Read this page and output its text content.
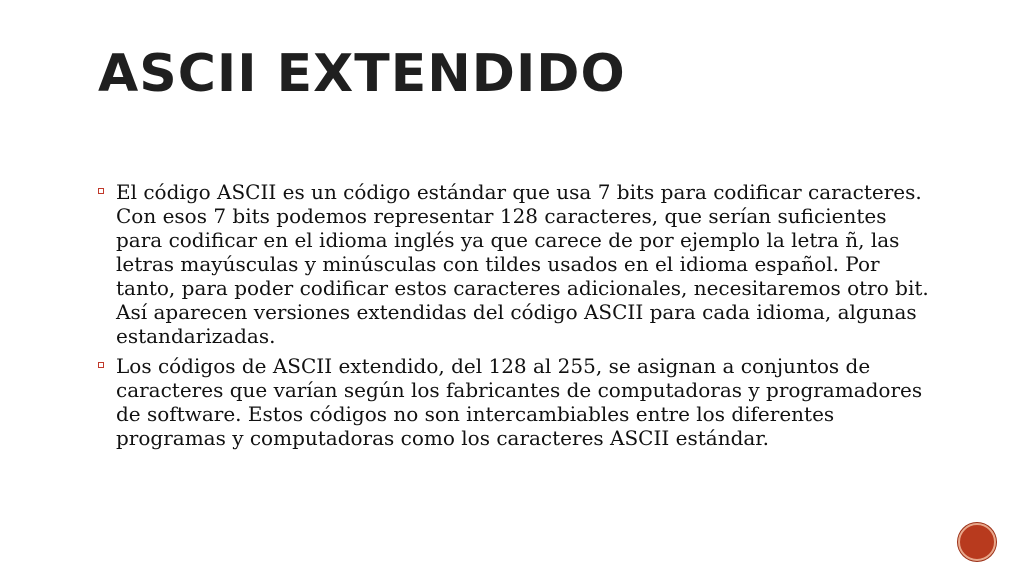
ASCII EXTENDIDO
El código ASCII es un código estándar que usa 7 bits para codificar caracteres. Con esos 7 bits podemos representar 128 caracteres, que serían suficientes para codificar en el idioma inglés ya que carece de por ejemplo la letra ñ, las letras mayúsculas y minúsculas con tildes usados en el idioma español. Por tanto, para poder codificar estos caracteres adicionales, necesitaremos otro bit. Así aparecen versiones extendidas del código ASCII para cada idioma, algunas estandarizadas.
Los códigos de ASCII extendido, del 128 al 255, se asignan a conjuntos de caracteres que varían según los fabricantes de computadoras y programadores de software. Estos códigos no son intercambiables entre los diferentes programas y computadoras como los caracteres ASCII estándar.
